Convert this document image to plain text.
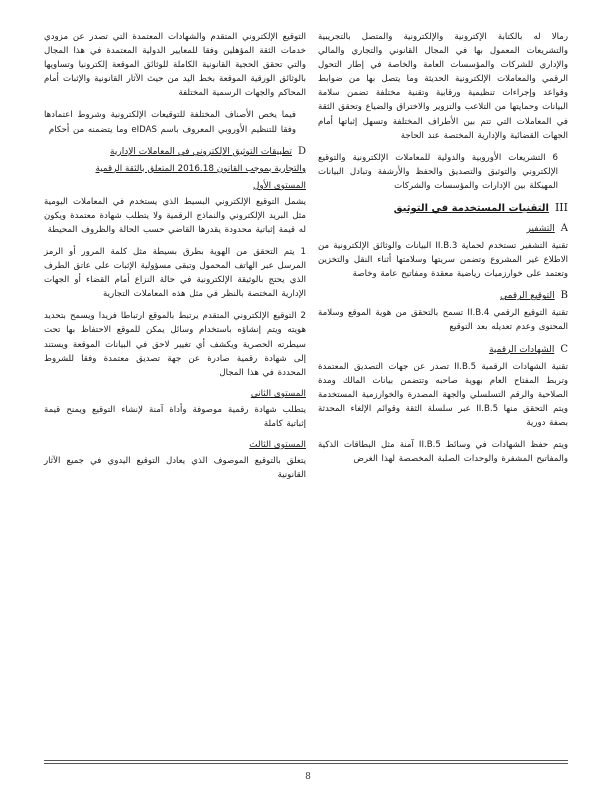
ﺭﻣﺎﻻ ﻟﻪ ﺑﺎﻟﻜﺘﺎﺑﺔ ﺍﻹﻛﺘﺮﻭﻧﻴﺔ ﻭﺍﻹﻟﻜﺘﺮﻭﻧﻴﺔ ﻭﺍﻟﻤﺘﺼﻞ ﺑﺎﻟﺘﺠﺮﻳﺒﻴﺔ ﻭﺍﻟﺘﺸﺮﻳﻌﺎﺕ ﺍﻟﻤﻌﻤﻮﻝ ﺑﻬﺎ ﻓﻲ ﺍﻟﻤﺠﺎﻝ ﺍﻟﻘﺎﻧﻮﻧﻲ ﻭﺍﻟﺘﺠﺎﺭﻱ ﻭﺍﻟﻤﺎﻟﻲ ﻭﺍﻹﺩﺍﺭﻱ ﻟﻠﺸﺮﻛﺎﺕ ﻭﺍﻟﻤﺆﺳﺴﺎﺕ ﺍﻟﻌﺎﻣﺔ ﻭﺍﻟﺨﺎﺻﺔ ﻓﻲ ﺇﻃﺎﺭ ﺍﻟﺘﺤﻮﻝ ﺍﻟﺮﻗﻤﻲ ﻭﺍﻟﻤﻌﺎﻣﻼﺕ ﺍﻹﻟﻜﺘﺮﻭﻧﻴﺔ ﺍﻟﺤﺪﻳﺜﺔ ﻭﻣﺎ ﻳﺘﺼﻞ ﺑﻬﺎ ﻣﻦ ﺿﻮﺍﺑﻂ ﻭﻗﻮﺍﻋﺪ ﻭﺇﺟﺮﺍﺀﺍﺕ ﺗﻨﻈﻴﻤﻴﺔ ﻭﺭﻗﺎﺑﻴﺔ ﻭﺗﻘﻨﻴﺔ ﻣﺨﺘﻠﻔﺔ ﺗﻀﻤﻦ ﺳﻼﻣﺔ ﺍﻟﺒﻴﺎﻧﺎﺕ ﻭﺣﻤﺎﻳﺘﻬﺎ ﻣﻦ ﺍﻟﺘﻼﻋﺐ ﻭﺍﻟﺘﺰﻭﻳﺮ ﻭﺍﻻﺧﺘﺮﺍﻕ ﻭﺍﻟﻀﻴﺎﻉ ﻭﺗﺤﻘﻖ ﺍﻟﺜﻘﺔ ﻓﻲ ﺍﻟﻤﻌﺎﻣﻼﺕ ﺍﻟﺘﻲ ﺗﺘﻢ ﺑﻴﻦ ﺍﻷﻃﺮﺍﻑ ﺍﻟﻤﺨﺘﻠﻔﺔ ﻭﺗﺴﻬﻞ ﺇﺛﺒﺎﺗﻬﺎ ﺃﻣﺎﻡ ﺍﻟﺠﻬﺎﺕ ﺍﻟﻘﻀﺎﺋﻴﺔ ﻭﺍﻹﺩﺍﺭﻳﺔ ﺍﻟﻤﺨﺘﺼﺔ ﻋﻨﺪ ﺍﻟﺤﺎﺟﺔ

6 ﺍﻟﺘﺸﺮﻳﻌﺎﺕ ﺍﻷﻭﺭﻭﺑﻴﺔ ﻭﺍﻟﺪﻭﻟﻴﺔ ﻟﻠﻤﻌﺎﻣﻼﺕ ﺍﻹﻟﻜﺘﺮﻭﻧﻴﺔ ﻭﺍﻟﺘﻮﻗﻴﻊ ﺍﻹﻟﻜﺘﺮﻭﻧﻲ ﻭﺍﻟﺘﻮﺛﻴﻖ ﻭﺍﻟﺘﺼﺪﻳﻖ ﻭﺍﻟﺤﻔﻆ ﻭﺍﻷﺭﺷﻔﺔ ﻭﺗﺒﺎﺩﻝ ﺍﻟﺒﻴﺎﻧﺎﺕ ﺍﻟﻤﻬﻴﻜﻠﺔ ﺑﻴﻦ ﺍﻹﺩﺍﺭﺍﺕ ﻭﺍﻟﻤﺆﺳﺴﺎﺕ ﻭﺍﻟﺸﺮﻛﺎﺕ

III
ﺍﻟﺘﻘﻨﻴﺎﺕ ﺍﻟﻤﺴﺘﺨﺪﻣﺔ ﻓﻲ ﺍﻟﺘﻮﺛﻴﻖ
A
ﺍﻟﺘﺸﻔﻴﺮ

ﺗﻘﻨﻴﺔ ﺍﻟﺘﺸﻔﻴﺮ ﺗﺴﺘﺨﺪﻡ ﻟﺤﻤﺎﻳﺔ II.B.3 ﺍﻟﺒﻴﺎﻧﺎﺕ ﻭﺍﻟﻮﺛﺎﺋﻖ ﺍﻹﻟﻜﺘﺮﻭﻧﻴﺔ ﻣﻦ ﺍﻻﻃﻼﻉ ﻏﻴﺮ ﺍﻟﻤﺸﺮﻭﻉ ﻭﺗﻀﻤﻦ ﺳﺮﻳﺘﻬﺎ ﻭﺳﻼﻣﺘﻬﺎ ﺃﺛﻨﺎﺀ ﺍﻟﻨﻘﻞ ﻭﺍﻟﺘﺨﺰﻳﻦ ﻭﺗﻌﺘﻤﺪ ﻋﻠﻰ ﺧﻮﺍﺭﺯﻣﻴﺎﺕ ﺭﻳﺎﺿﻴﺔ ﻣﻌﻘﺪﺓ ﻭﻣﻔﺎﺗﻴﺢ ﻋﺎﻣﺔ ﻭﺧﺎﺻﺔ

B
ﺍﻟﺘﻮﻗﻴﻊ ﺍﻟﺮﻗﻤﻲ

ﺗﻘﻨﻴﺔ ﺍﻟﺘﻮﻗﻴﻊ ﺍﻟﺮﻗﻤﻲ II.B.4 ﺗﺴﻤﺢ ﺑﺎﻟﺘﺤﻘﻖ ﻣﻦ ﻫﻮﻳﺔ ﺍﻟﻤﻮﻗﻊ ﻭﺳﻼﻣﺔ ﺍﻟﻤﺤﺘﻮﻯ ﻭﻋﺪﻡ ﺗﻌﺪﻳﻠﻪ ﺑﻌﺪ ﺍﻟﺘﻮﻗﻴﻊ

C
ﺍﻟﺸﻬﺎﺩﺍﺕ ﺍﻟﺮﻗﻤﻴﺔ

ﺗﻘﻨﻴﺔ ﺍﻟﺸﻬﺎﺩﺍﺕ ﺍﻟﺮﻗﻤﻴﺔ II.B.5 ﺗﺼﺪﺭ ﻋﻦ ﺟﻬﺎﺕ ﺍﻟﺘﺼﺪﻳﻖ ﺍﻟﻤﻌﺘﻤﺪﺓ ﻭﺗﺮﺑﻂ ﺍﻟﻤﻔﺘﺎﺡ ﺍﻟﻌﺎﻡ ﺑﻬﻮﻳﺔ ﺻﺎﺣﺒﻪ ﻭﺗﺘﻀﻤﻦ ﺑﻴﺎﻧﺎﺕ ﺍﻟﻤﺎﻟﻚ ﻭﻣﺪﺓ ﺍﻟﺼﻼﺣﻴﺔ ﻭﺍﻟﺮﻗﻢ ﺍﻟﺘﺴﻠﺴﻠﻲ ﻭﺍﻟﺠﻬﺔ ﺍﻟﻤﺼﺪﺭﺓ ﻭﺍﻟﺨﻮﺍﺭﺯﻣﻴﺔ ﺍﻟﻤﺴﺘﺨﺪﻣﺔ ﻭﻳﺘﻢ ﺍﻟﺘﺤﻘﻖ ﻣﻨﻬﺎ II.B.5 ﻋﺒﺮ ﺳﻠﺴﻠﺔ ﺍﻟﺜﻘﺔ ﻭﻗﻮﺍﺋﻢ ﺍﻹﻟﻐﺎﺀ ﺍﻟﻤﺤﺪﺛﺔ ﺑﺼﻔﺔ ﺩﻭﺭﻳﺔ

ﻭﻳﺘﻢ ﺣﻔﻆ ﺍﻟﺸﻬﺎﺩﺍﺕ ﻓﻲ ﻭﺳﺎﺋﻂ II.B.5 ﺁﻣﻨﺔ ﻣﺜﻞ ﺍﻟﺒﻄﺎﻗﺎﺕ ﺍﻟﺬﻛﻴﺔ ﻭﺍﻟﻤﻔﺎﺗﻴﺢ ﺍﻟﻤﺸﻔﺮﺓ ﻭﺍﻟﻮﺣﺪﺍﺕ ﺍﻟﺼﻠﺒﺔ ﺍﻟﻤﺨﺼﺼﺔ ﻟﻬﺬﺍ ﺍﻟﻐﺮﺽ

ﺍﻟﺘﻮﻗﻴﻊ ﺍﻹﻟﻜﺘﺮﻭﻧﻲ ﺍﻟﻤﺘﻘﺪﻡ ﻭﺍﻟﺸﻬﺎﺩﺍﺕ ﺍﻟﻤﻌﺘﻤﺪﺓ ﺍﻟﺘﻲ ﺗﺼﺪﺭ ﻋﻦ ﻣﺰﻭﺩﻱ ﺧﺪﻣﺎﺕ ﺍﻟﺜﻘﺔ ﺍﻟﻤﺆﻫﻠﻴﻦ ﻭﻓﻘﺎ ﻟﻠﻤﻌﺎﻳﻴﺮ ﺍﻟﺪﻭﻟﻴﺔ ﺍﻟﻤﻌﺘﻤﺪﺓ ﻓﻲ ﻫﺬﺍ ﺍﻟﻤﺠﺎﻝ ﻭﺍﻟﺘﻲ ﺗﺤﻘﻖ ﺍﻟﺤﺠﻴﺔ ﺍﻟﻘﺎﻧﻮﻧﻴﺔ ﺍﻟﻜﺎﻣﻠﺔ ﻟﻠﻮﺛﺎﺋﻖ ﺍﻟﻤﻮﻗﻌﺔ ﺇﻟﻜﺘﺮﻭﻧﻴﺎ ﻭﺗﺴﺎﻭﻳﻬﺎ ﺑﺎﻟﻮﺛﺎﺋﻖ ﺍﻟﻮﺭﻗﻴﺔ ﺍﻟﻤﻮﻗﻌﺔ ﺑﺨﻂ ﺍﻟﻴﺪ ﻣﻦ ﺣﻴﺚ ﺍﻵﺛﺎﺭ ﺍﻟﻘﺎﻧﻮﻧﻴﺔ ﻭﺍﻹﺛﺒﺎﺕ ﺃﻣﺎﻡ ﺍﻟﻤﺤﺎﻛﻢ ﻭﺍﻟﺠﻬﺎﺕ ﺍﻟﺮﺳﻤﻴﺔ ﺍﻟﻤﺨﺘﻠﻔﺔ

ﻓﻴﻤﺎ ﻳﺨﺺ ﺍﻷﺻﻨﺎﻑ ﺍﻟﻤﺨﺘﻠﻔﺔ ﻟﻠﺘﻮﻗﻴﻌﺎﺕ ﺍﻹﻟﻜﺘﺮﻭﻧﻴﺔ ﻭﺷﺮﻭﻁ ﺍﻋﺘﻤﺎﺩﻫﺎ ﻭﻓﻘﺎ ﻟﻠﺘﻨﻈﻴﻢ ﺍﻷﻭﺭﻭﺑﻲ ﺍﻟﻤﻌﺮﻭﻑ ﺑﺎﺳﻢ eIDAS ﻭﻣﺎ ﻳﺘﻀﻤﻨﻪ ﻣﻦ ﺃﺣﻜﺎﻡ

D
ﺗﻄﺒﻴﻘﺎﺕ ﺍﻟﺘﻮﺛﻴﻖ ﺍﻹﻟﻜﺘﺮﻭﻧﻲ ﻓﻲ ﺍﻟﻤﻌﺎﻣﻼﺕ ﺍﻹﺩﺍﺭﻳﺔ
ﻭﺍﻟﺘﺠﺎﺭﻳﺔ ﺑﻤﻮﺟﺐ ﺍﻟﻘﺎﻧﻮﻥ 2016.18 ﺍﻟﻤﺘﻌﻠﻖ ﺑﺎﻟﺜﻘﺔ ﺍﻟﺮﻗﻤﻴﺔ
ﺍﻟﻤﺴﺘﻮﻯ ﺍﻷﻭﻝ

ﻳﺸﻤﻞ ﺍﻟﺘﻮﻗﻴﻊ ﺍﻹﻟﻜﺘﺮﻭﻧﻲ ﺍﻟﺒﺴﻴﻂ ﺍﻟﺬﻱ ﻳﺴﺘﺨﺪﻡ ﻓﻲ ﺍﻟﻤﻌﺎﻣﻼﺕ ﺍﻟﻴﻮﻣﻴﺔ ﻣﺜﻞ ﺍﻟﺒﺮﻳﺪ ﺍﻹﻟﻜﺘﺮﻭﻧﻲ ﻭﺍﻟﻨﻤﺎﺫﺝ ﺍﻟﺮﻗﻤﻴﺔ ﻭﻻ ﻳﺘﻄﻠﺐ ﺷﻬﺎﺩﺓ ﻣﻌﺘﻤﺪﺓ ﻭﻳﻜﻮﻥ ﻟﻪ ﻗﻴﻤﺔ ﺇﺛﺒﺎﺗﻴﺔ ﻣﺤﺪﻭﺩﺓ ﻳﻘﺪﺭﻫﺎ ﺍﻟﻘﺎﺿﻲ ﺣﺴﺐ ﺍﻟﺤﺎﻟﺔ ﻭﺍﻟﻈﺮﻭﻑ ﺍﻟﻤﺤﻴﻄﺔ

1 ﻳﺘﻢ ﺍﻟﺘﺤﻘﻖ ﻣﻦ ﺍﻟﻬﻮﻳﺔ ﺑﻄﺮﻕ ﺑﺴﻴﻄﺔ ﻣﺜﻞ ﻛﻠﻤﺔ ﺍﻟﻤﺮﻭﺭ ﺃﻭ ﺍﻟﺮﻣﺰ ﺍﻟﻤﺮﺳﻞ ﻋﺒﺮ ﺍﻟﻬﺎﺗﻒ ﺍﻟﻤﺤﻤﻮﻝ ﻭﺗﺒﻘﻰ ﻣﺴﺆﻭﻟﻴﺔ ﺍﻹﺛﺒﺎﺕ ﻋﻠﻰ ﻋﺎﺗﻖ ﺍﻟﻄﺮﻑ ﺍﻟﺬﻱ ﻳﺤﺘﺞ ﺑﺎﻟﻮﺛﻴﻘﺔ ﺍﻹﻟﻜﺘﺮﻭﻧﻴﺔ ﻓﻲ ﺣﺎﻟﺔ ﺍﻟﻨﺰﺍﻉ ﺃﻣﺎﻡ ﺍﻟﻘﻀﺎﺀ ﺃﻭ ﺍﻟﺠﻬﺎﺕ ﺍﻹﺩﺍﺭﻳﺔ ﺍﻟﻤﺨﺘﺼﺔ ﺑﺎﻟﻨﻈﺮ ﻓﻲ ﻣﺜﻞ ﻫﺬﻩ ﺍﻟﻤﻌﺎﻣﻼﺕ ﺍﻟﺘﺠﺎﺭﻳﺔ

2 ﺍﻟﺘﻮﻗﻴﻊ ﺍﻹﻟﻜﺘﺮﻭﻧﻲ ﺍﻟﻤﺘﻘﺪﻡ ﻳﺮﺗﺒﻂ ﺑﺎﻟﻤﻮﻗﻊ ﺍﺭﺗﺒﺎﻃﺎ ﻓﺮﻳﺪﺍ ﻭﻳﺴﻤﺢ ﺑﺘﺤﺪﻳﺪ ﻫﻮﻳﺘﻪ ﻭﻳﺘﻢ ﺇﻧﺸﺎﺅﻩ ﺑﺎﺳﺘﺨﺪﺍﻡ ﻭﺳﺎﺋﻞ ﻳﻤﻜﻦ ﻟﻠﻤﻮﻗﻊ ﺍﻻﺣﺘﻔﺎﻅ ﺑﻬﺎ ﺗﺤﺖ ﺳﻴﻄﺮﺗﻪ ﺍﻟﺤﺼﺮﻳﺔ ﻭﻳﻜﺸﻒ ﺃﻱ ﺗﻐﻴﻴﺮ ﻻﺣﻖ ﻓﻲ ﺍﻟﺒﻴﺎﻧﺎﺕ ﺍﻟﻤﻮﻗﻌﺔ ﻭﻳﺴﺘﻨﺪ ﺇﻟﻰ ﺷﻬﺎﺩﺓ ﺭﻗﻤﻴﺔ ﺻﺎﺩﺭﺓ ﻋﻦ ﺟﻬﺔ ﺗﺼﺪﻳﻖ ﻣﻌﺘﻤﺪﺓ ﻭﻓﻘﺎ ﻟﻠﺸﺮﻭﻁ ﺍﻟﻤﺤﺪﺩﺓ ﻓﻲ ﻫﺬﺍ ﺍﻟﻤﺠﺎﻝ

ﺍﻟﻤﺴﺘﻮﻯ ﺍﻟﺜﺎﻧﻲ

ﻳﺘﻄﻠﺐ ﺷﻬﺎﺩﺓ ﺭﻗﻤﻴﺔ ﻣﻮﺻﻮﻓﺔ ﻭﺃﺩﺍﺓ ﺁﻣﻨﺔ ﻹﻧﺸﺎﺀ ﺍﻟﺘﻮﻗﻴﻊ ﻭﻳﻤﻨﺢ ﻗﻴﻤﺔ ﺇﺛﺒﺎﺗﻴﺔ ﻛﺎﻣﻠﺔ

ﺍﻟﻤﺴﺘﻮﻯ ﺍﻟﺜﺎﻟﺚ

ﻳﺘﻌﻠﻖ ﺑﺎﻟﺘﻮﻗﻴﻊ ﺍﻟﻤﻮﺻﻮﻑ ﺍﻟﺬﻱ ﻳﻌﺎﺩﻝ ﺍﻟﺘﻮﻗﻴﻊ ﺍﻟﻴﺪﻭﻱ ﻓﻲ ﺟﻤﻴﻊ ﺍﻵﺛﺎﺭ ﺍﻟﻘﺎﻧﻮﻧﻴﺔ

8
